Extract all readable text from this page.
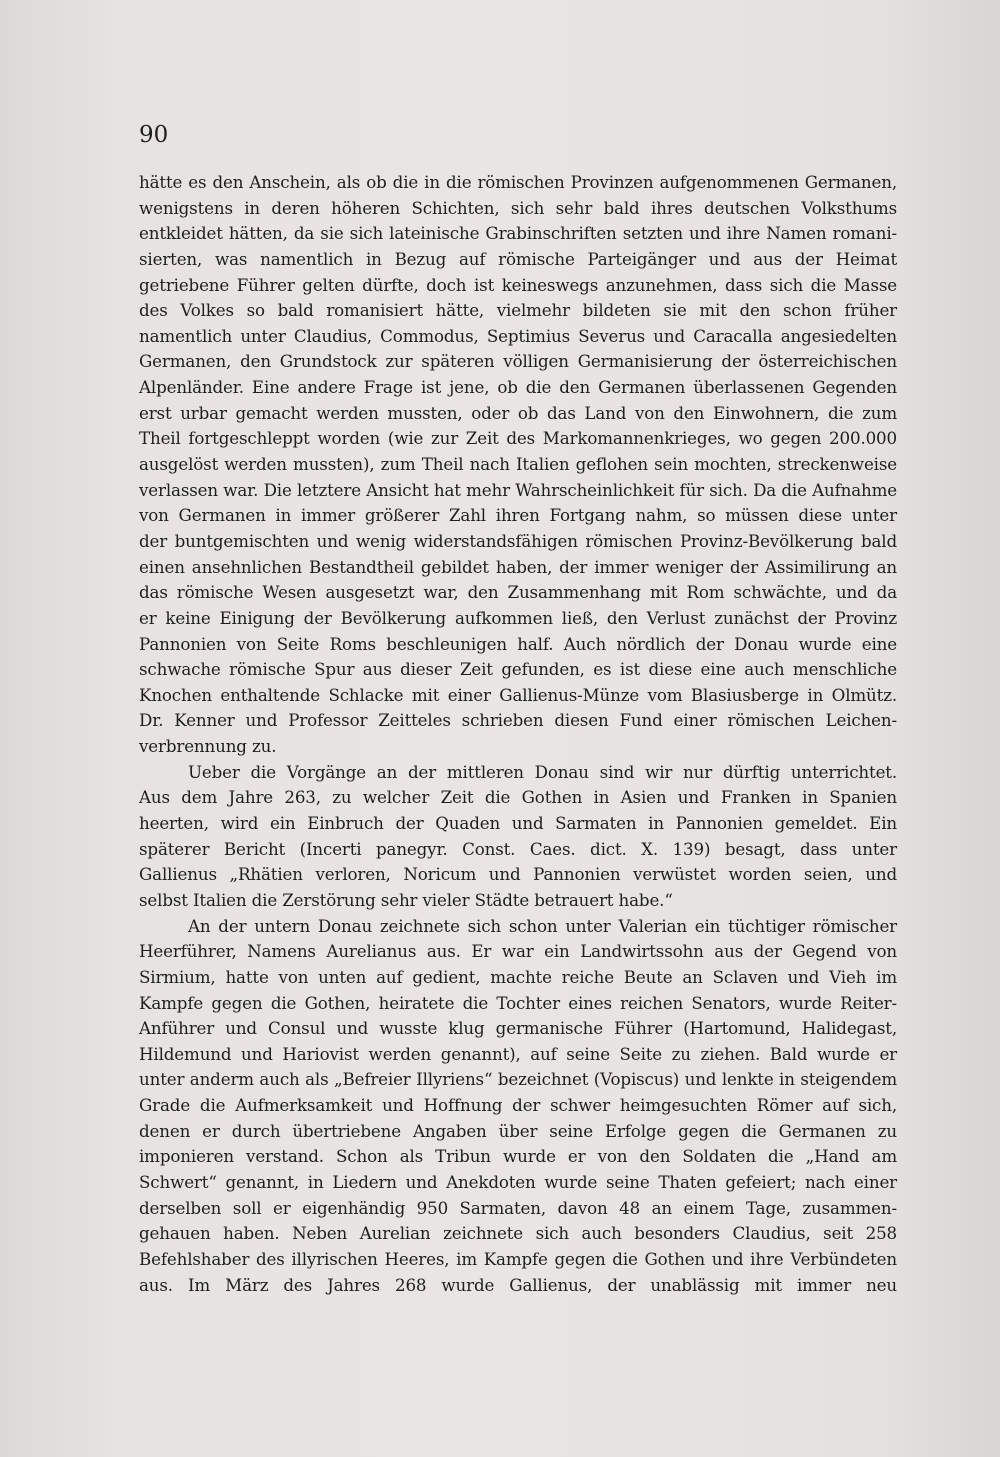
90

hätte es den Anschein, als ob die in die römischen Provinzen aufgenommenen Germanen,
wenigstens in deren höheren Schichten, sich sehr bald ihres deutschen Volksthums
entkleidet hätten, da sie sich lateinische Grabinschriften setzten und ihre Namen romani-
sierten, was namentlich in Bezug auf römische Parteigänger und aus der Heimat
getriebene Führer gelten dürfte, doch ist keineswegs anzunehmen, dass sich die Masse
des Volkes so bald romanisiert hätte, vielmehr bildeten sie mit den schon früher
namentlich unter Claudius, Commodus, Septimius Severus und Caracalla angesiedelten
Germanen, den Grundstock zur späteren völligen Germanisierung der österreichischen
Alpenländer. Eine andere Frage ist jene, ob die den Germanen überlassenen Gegenden
erst urbar gemacht werden mussten, oder ob das Land von den Einwohnern, die zum
Theil fortgeschleppt worden (wie zur Zeit des Markomannenkrieges, wo gegen 200.000
ausgelöst werden mussten), zum Theil nach Italien geflohen sein mochten, streckenweise
verlassen war. Die letztere Ansicht hat mehr Wahrscheinlichkeit für sich. Da die Aufnahme
von Germanen in immer größerer Zahl ihren Fortgang nahm, so müssen diese unter
der buntgemischten und wenig widerstandsfähigen römischen Provinz-Bevölkerung bald
einen ansehnlichen Bestandtheil gebildet haben, der immer weniger der Assimilirung an
das römische Wesen ausgesetzt war, den Zusammenhang mit Rom schwächte, und da
er keine Einigung der Bevölkerung aufkommen ließ, den Verlust zunächst der Provinz
Pannonien von Seite Roms beschleunigen half. Auch nördlich der Donau wurde eine
schwache römische Spur aus dieser Zeit gefunden, es ist diese eine auch menschliche
Knochen enthaltende Schlacke mit einer Gallienus-Münze vom Blasiusberge in Olmütz.
Dr. Kenner und Professor Zeitteles schrieben diesen Fund einer römischen Leichen-
verbrennung zu.
Ueber die Vorgänge an der mittleren Donau sind wir nur dürftig unterrichtet.
Aus dem Jahre 263, zu welcher Zeit die Gothen in Asien und Franken in Spanien
heerten, wird ein Einbruch der Quaden und Sarmaten in Pannonien gemeldet. Ein
späterer Bericht (Incerti panegyr. Const. Caes. dict. X. 139) besagt, dass unter
Gallienus „Rhätien verloren, Noricum und Pannonien verwüstet worden seien, und
selbst Italien die Zerstörung sehr vieler Städte betrauert habe.“
An der untern Donau zeichnete sich schon unter Valerian ein tüchtiger römischer
Heerführer, Namens Aurelianus aus. Er war ein Landwirtssohn aus der Gegend von
Sirmium, hatte von unten auf gedient, machte reiche Beute an Sclaven und Vieh im
Kampfe gegen die Gothen, heiratete die Tochter eines reichen Senators, wurde Reiter-
Anführer und Consul und wusste klug germanische Führer (Hartomund, Halidegast,
Hildemund und Hariovist werden genannt), auf seine Seite zu ziehen. Bald wurde er
unter anderm auch als „Befreier Illyriens“ bezeichnet (Vopiscus) und lenkte in steigendem
Grade die Aufmerksamkeit und Hoffnung der schwer heimgesuchten Römer auf sich,
denen er durch übertriebene Angaben über seine Erfolge gegen die Germanen zu
imponieren verstand. Schon als Tribun wurde er von den Soldaten die „Hand am
Schwert“ genannt, in Liedern und Anekdoten wurde seine Thaten gefeiert; nach einer
derselben soll er eigenhändig 950 Sarmaten, davon 48 an einem Tage, zusammen-
gehauen haben. Neben Aurelian zeichnete sich auch besonders Claudius, seit 258
Befehlshaber des illyrischen Heeres, im Kampfe gegen die Gothen und ihre Verbündeten
aus. Im März des Jahres 268 wurde Gallienus, der unablässig mit immer neu
